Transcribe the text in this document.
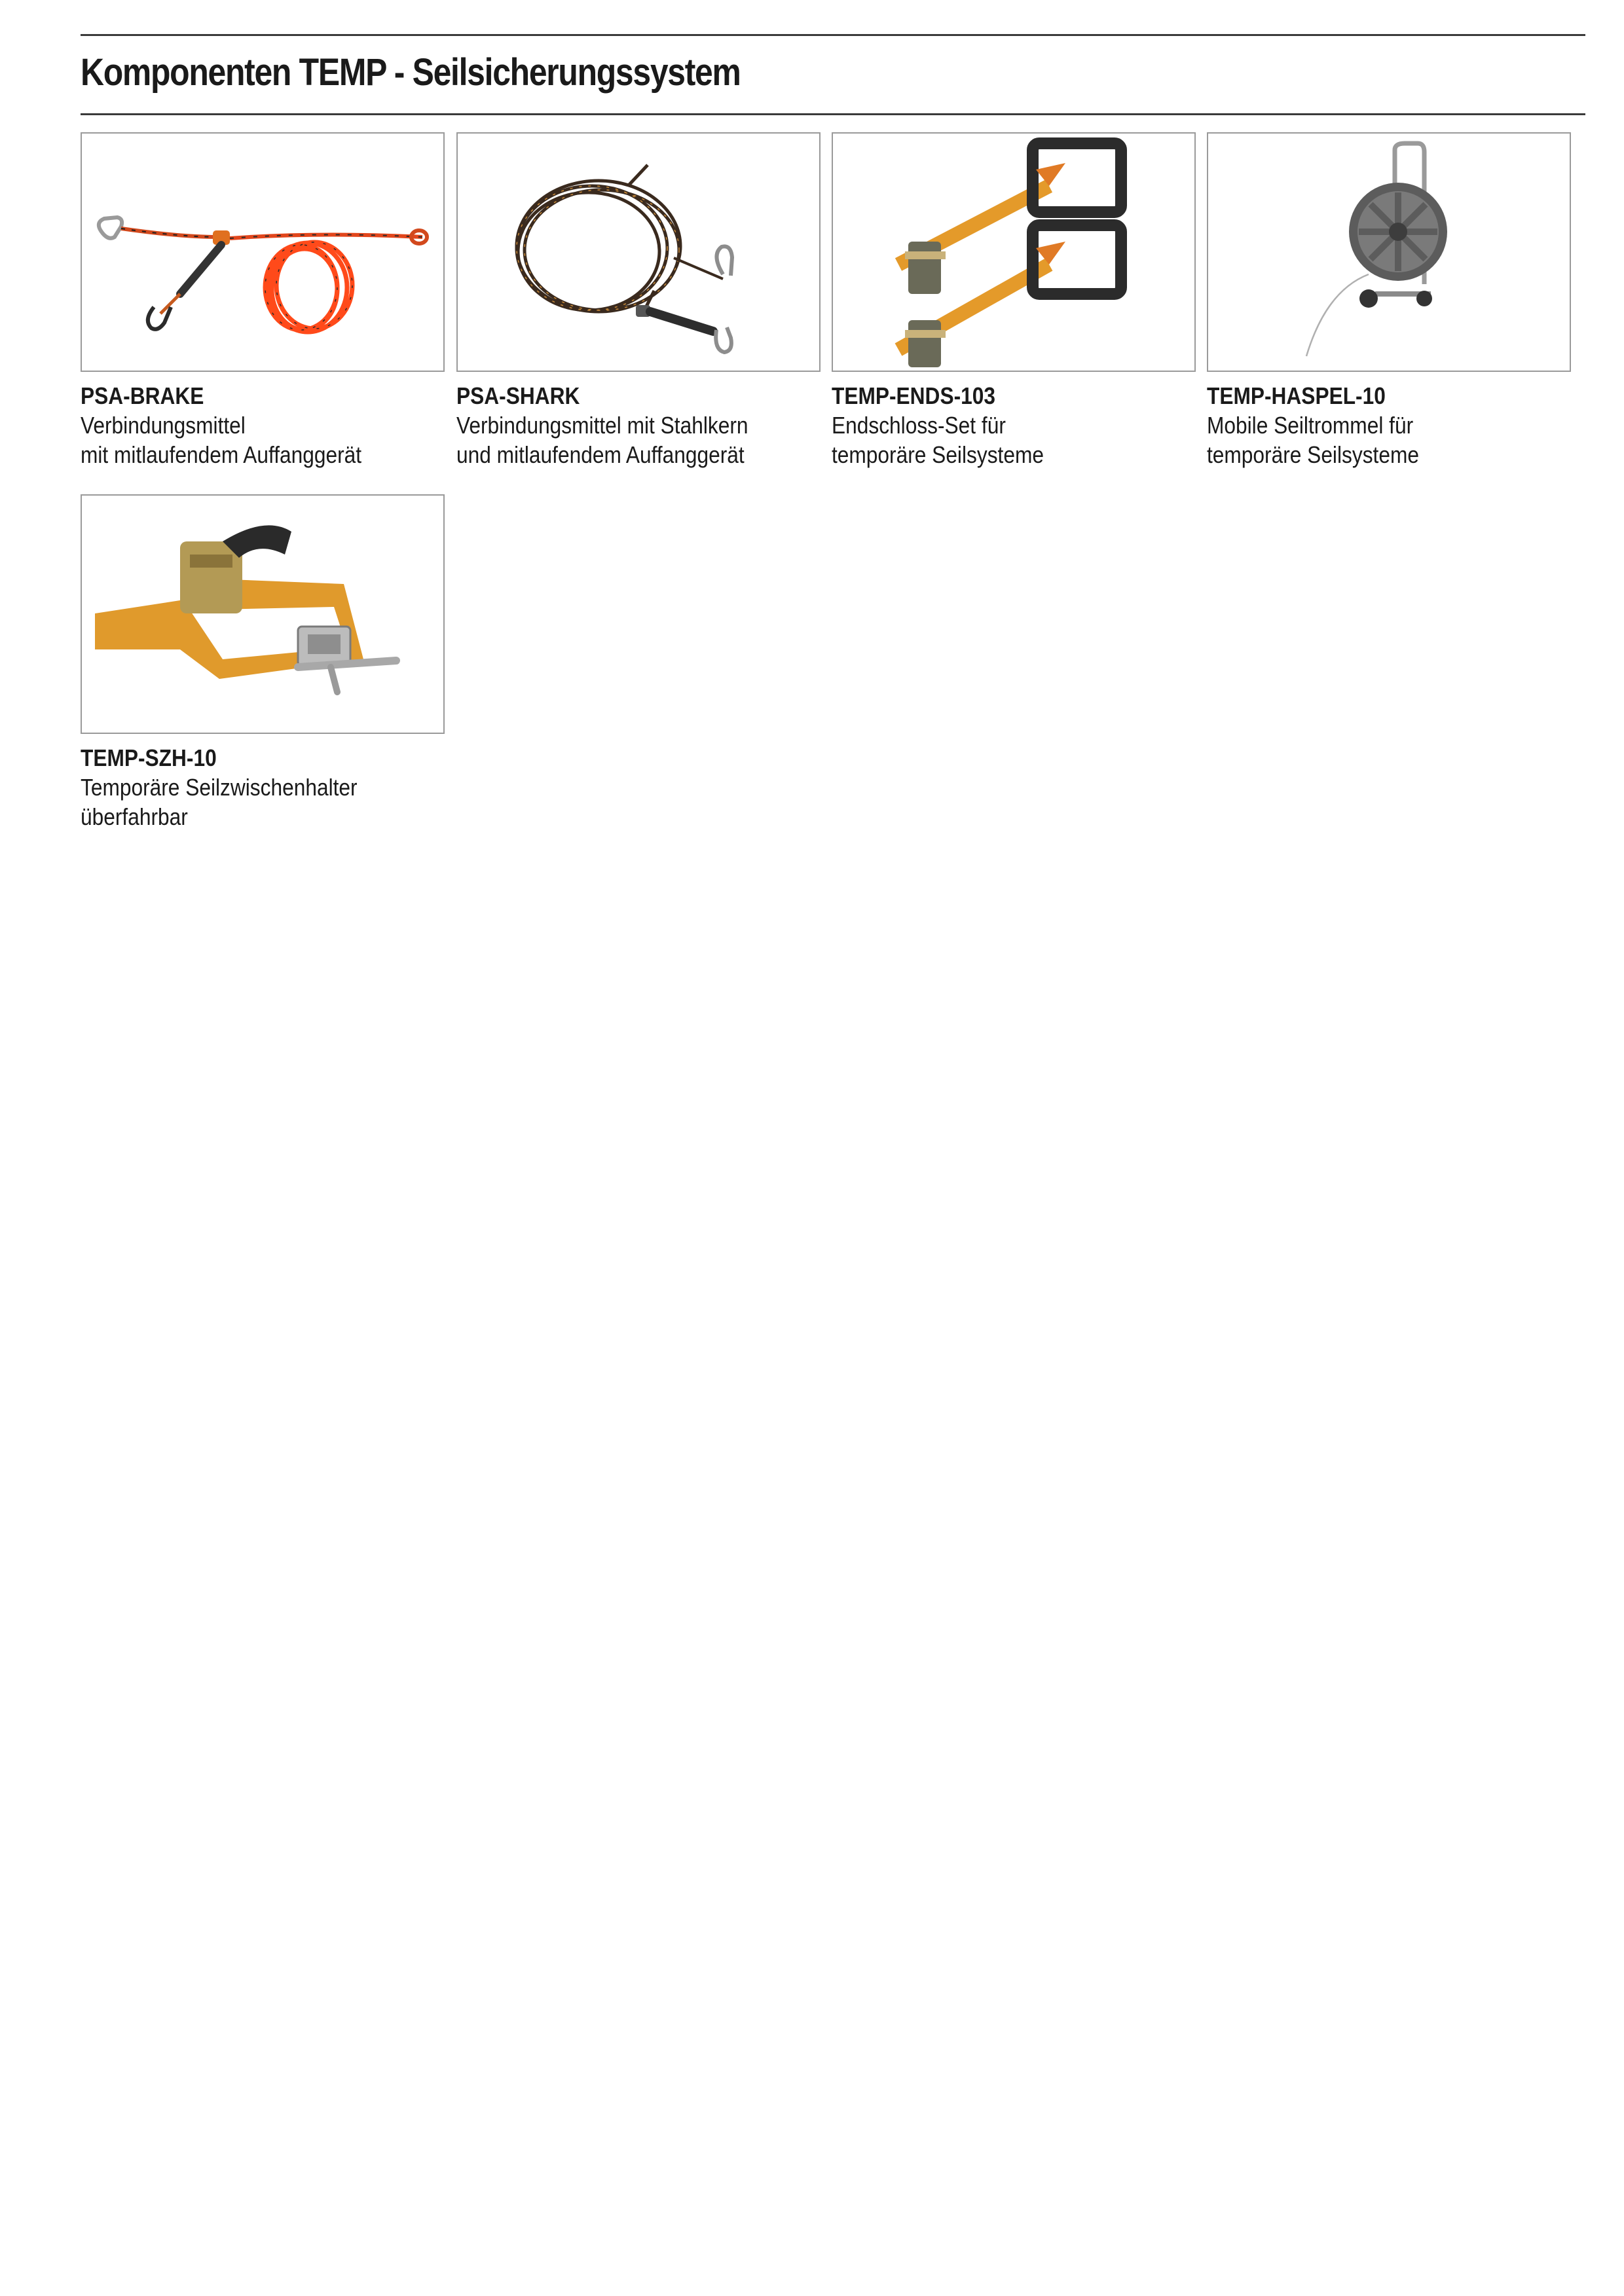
Komponenten TEMP - Seilsicherungssystem
PSA-BRAKE
Verbindungsmittel
mit mitlaufendem Auffanggerät
PSA-SHARK
Verbindungsmittel mit Stahlkern
und mitlaufendem Auffanggerät
TEMP-ENDS-103
Endschloss-Set für
temporäre Seilsysteme
TEMP-HASPEL-10
Mobile Seiltrommel für
temporäre Seilsysteme
TEMP-SZH-10
Temporäre Seilzwischenhalter
überfahrbar
